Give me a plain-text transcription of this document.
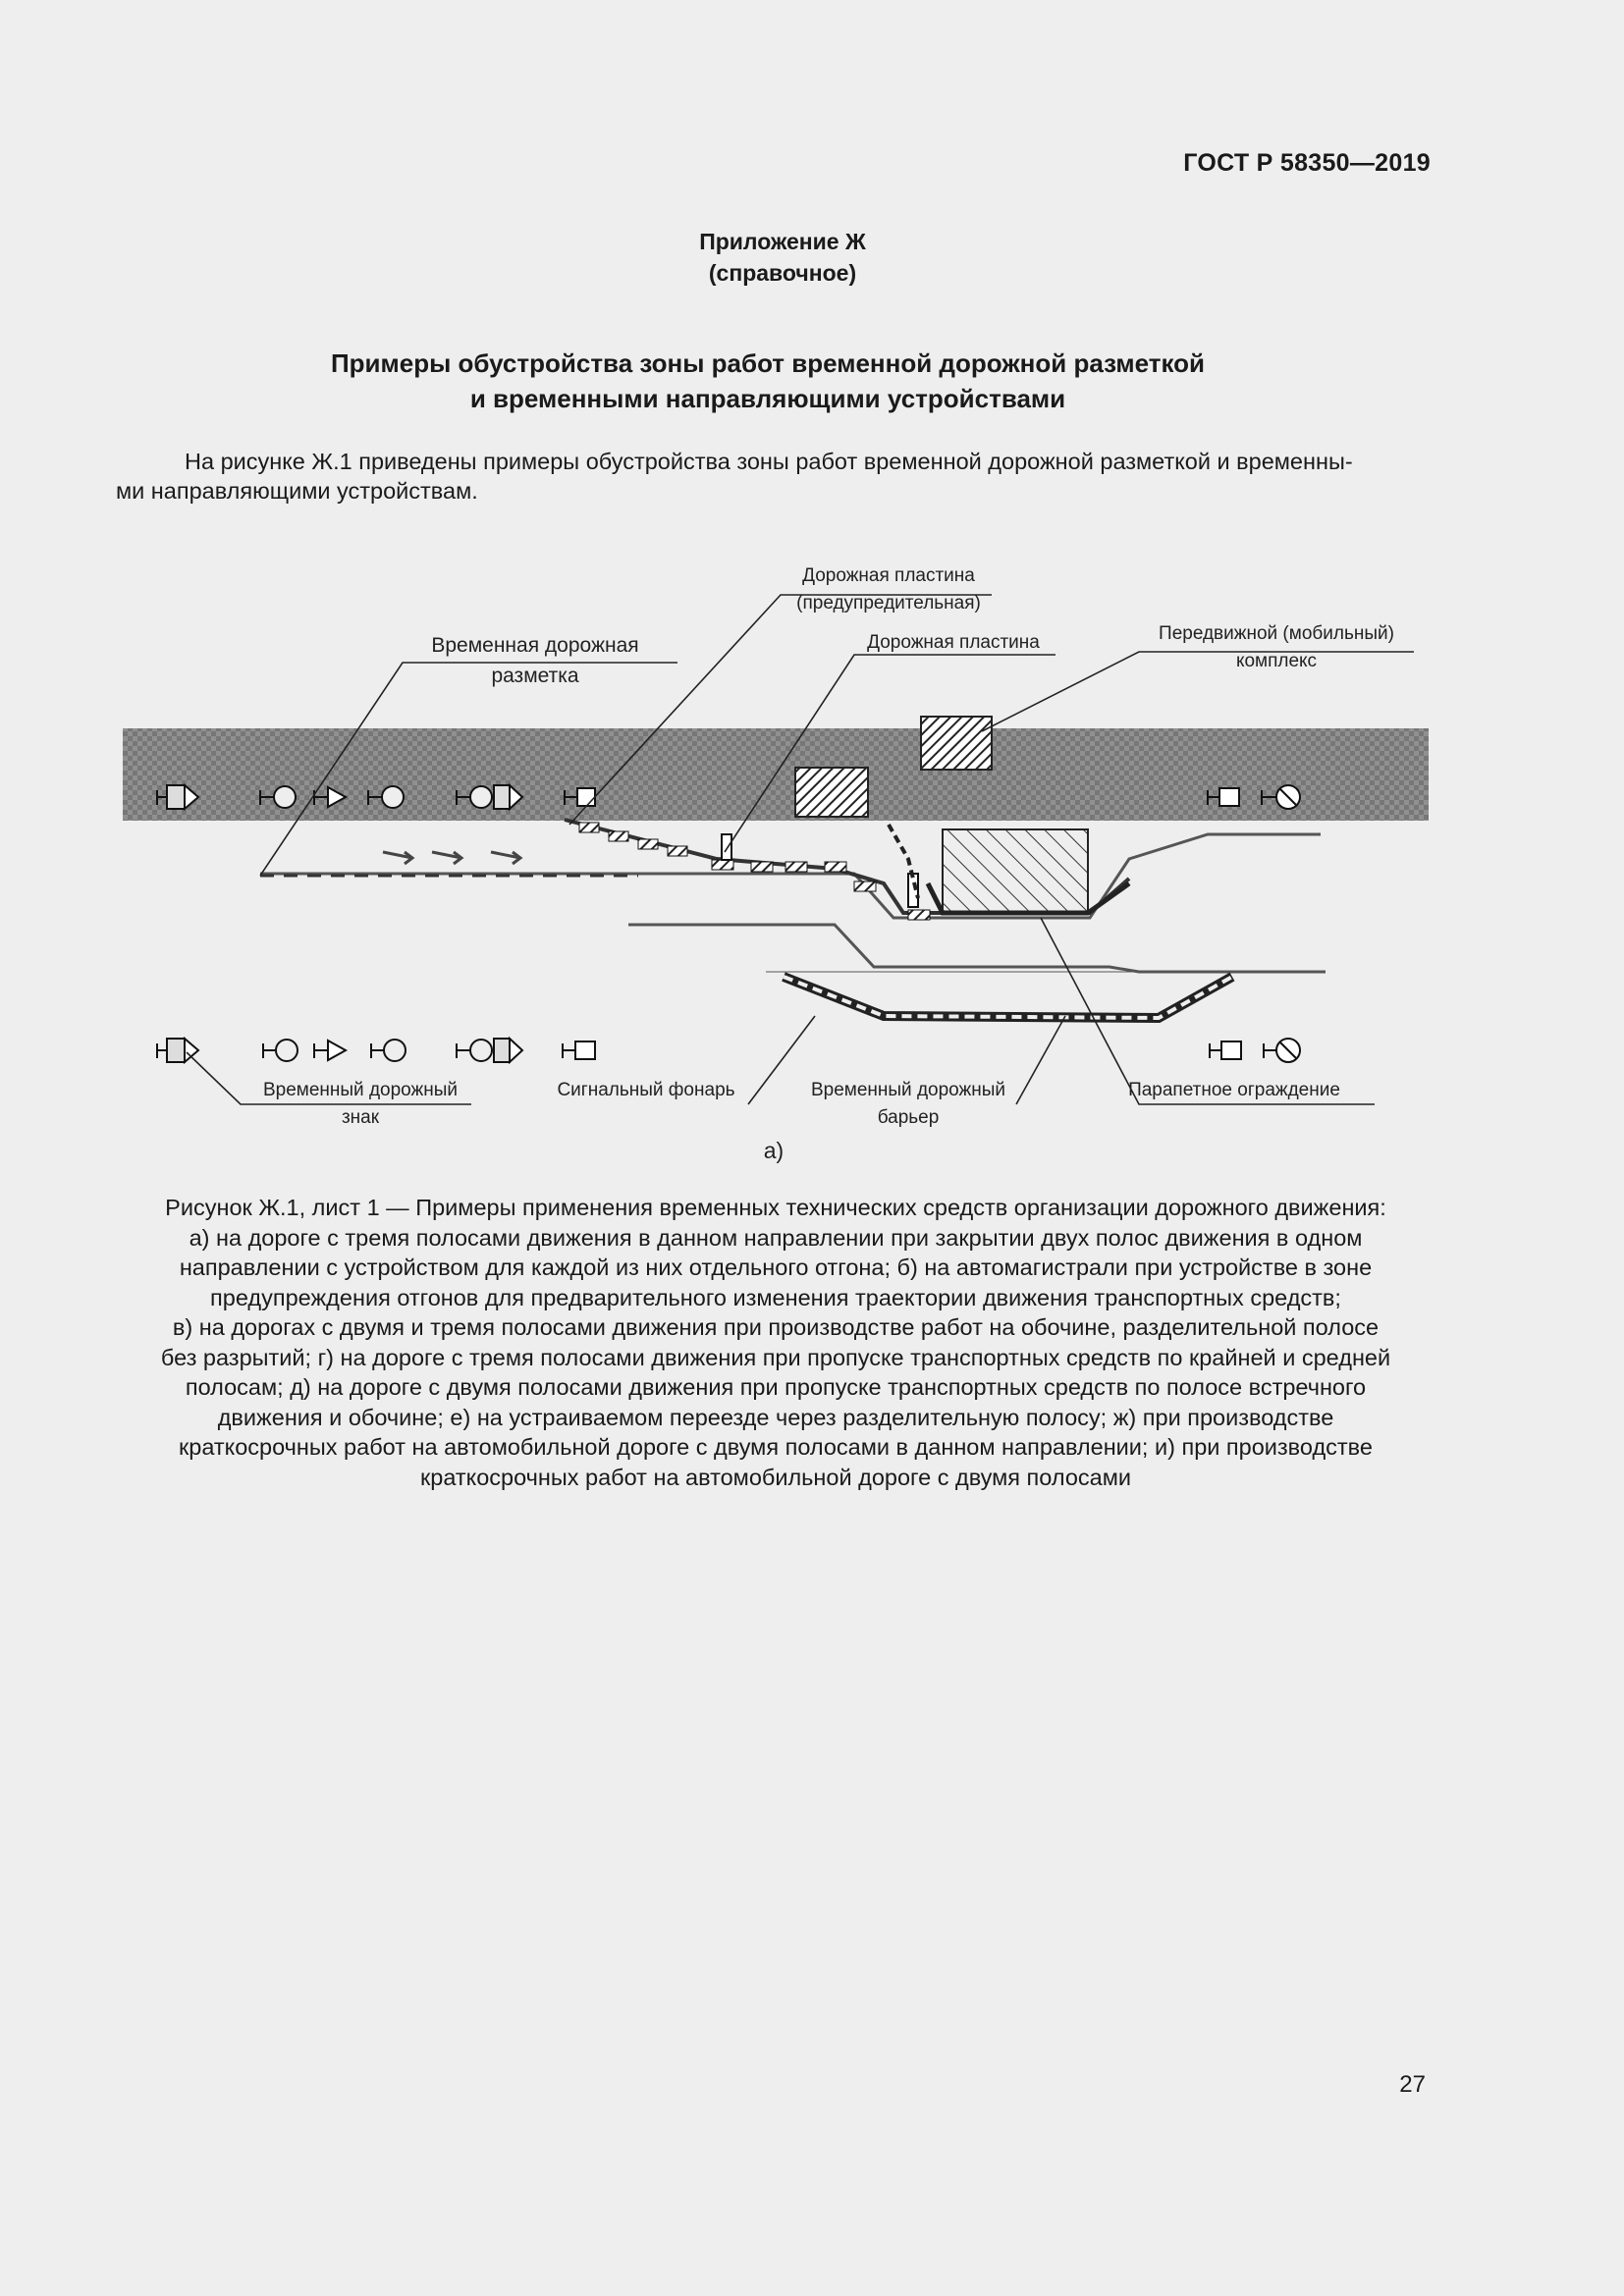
ГОСТ Р 58350—2019
Приложение Ж
(справочное)
Примеры обустройства зоны работ временной дорожной разметкой
и временными направляющими устройствами

На рисунке Ж.1 приведены примеры обустройства зоны работ временной дорожной разметкой и временны-

ми направляющими устройствам.

Временная дорожная
разметка
Дорожная пластина
(предупредительная)
Дорожная пластина	Передвижной (мобильный)
комплекс
Временный дорожный
знак
Сигнальный фонарь	Временный дорожный
барьер
Парапетное ограждение
а)
Рисунок Ж.1, лист 1 — Примеры применения временных технических средств организации дорожного движения:
а) на дороге с тремя полосами движения в данном направлении при закрытии двух полос движения в одном
направлении с устройством для каждой из них отдельного отгона; б) на автомагистрали при устройстве в зоне
предупреждения отгонов для предварительного изменения траектории движения транспортных средств;
в) на дорогах с двумя и тремя полосами движения при производстве работ на обочине, разделительной полосе
без разрытий; г) на дороге с тремя полосами движения при пропуске транспортных средств по крайней и средней
полосам; д) на дороге с двумя полосами движения при пропуске транспортных средств по полосе встречного
движения и обочине; е) на устраиваемом переезде через разделительную полосу; ж) при производстве
краткосрочных работ на автомобильной дороге с двумя полосами в данном направлении; и) при производстве
краткосрочных работ на автомобильной дороге с двумя полосами
27
